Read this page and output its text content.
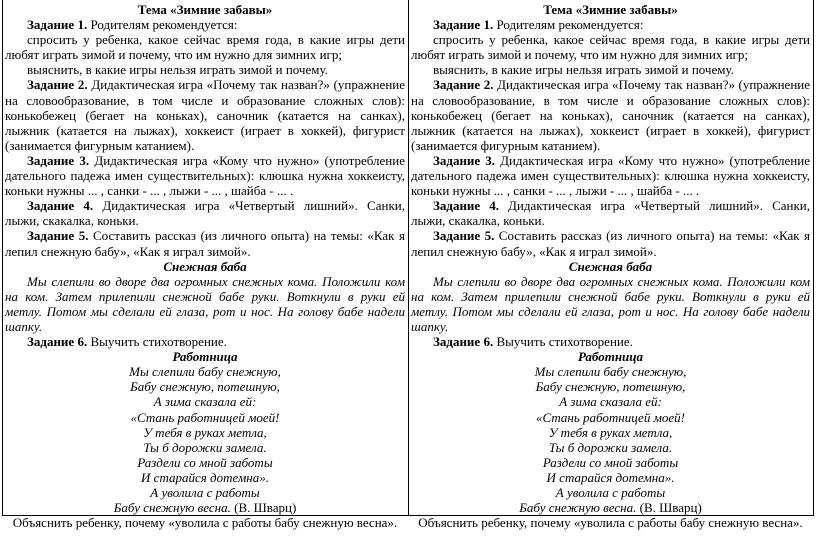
Тема «Зимние забавы»

Задание 1. Родителям рекомендуется:

спросить у ребенка, какое сейчас время года, в какие игры дети любят играть зимой и почему, что им нужно для зимних игр;

выяснить, в какие игры нельзя играть зимой и почему.

Задание 2. Дидактическая игра «Почему так назван?» (упражнение на словообразование, в том числе и образование сложных слов): конькобежец (бегает на коньках), саночник (катается на санках), лыжник (катается на лыжах), хоккеист (играет в хоккей), фигурист (занимается фигурным катанием).

Задание 3. Дидактическая игра «Кому что нужно» (употребление дательного падежа имен существительных): клюшка нужна хоккеисту, коньки нужны ... , санки - ... , лыжи - ... , шайба - ... .

Задание 4. Дидактическая игра «Четвертый лишний». Санки, лыжи, скакалка, коньки.

Задание 5. Составить рассказ (из личного опыта) на темы: «Как я лепил снежную бабу», «Как я играл зимой».

Снежная баба

Мы слепили во дворе два огромных снежных кома. Положили ком на ком. Затем прилепили снежной бабе руки. Воткнули в руки ей метлу. Потом мы сделали ей глаза, рот и нос. На голову бабе надели шапку.

Задание 6. Выучить стихотворение.

Работница

Мы слепили бабу снежную,

Бабу снежную, потешную,

А зима сказала ей:

«Стань работницей моей!

У тебя в руках метла,

Ты б дорожки замела.

Раздели со мной заботы

И старайся дотемна».

А уволила с работы

Бабу снежную весна. (В. Шварц)

Объяснить ребенку, почему «уволила с работы бабу снежную весна».

Тема «Зимние забавы»

Задание 1. Родителям рекомендуется:

спросить у ребенка, какое сейчас время года, в какие игры дети любят играть зимой и почему, что им нужно для зимних игр;

выяснить, в какие игры нельзя играть зимой и почему.

Задание 2. Дидактическая игра «Почему так назван?» (упражнение на словообразование, в том числе и образование сложных слов): конькобежец (бегает на коньках), саночник (катается на санках), лыжник (катается на лыжах), хоккеист (играет в хоккей), фигурист (занимается фигурным катанием).

Задание 3. Дидактическая игра «Кому что нужно» (употребление дательного падежа имен существительных): клюшка нужна хоккеисту, коньки нужны ... , санки - ... , лыжи - ... , шайба - ... .

Задание 4. Дидактическая игра «Четвертый лишний». Санки, лыжи, скакалка, коньки.

Задание 5. Составить рассказ (из личного опыта) на темы: «Как я лепил снежную бабу», «Как я играл зимой».

Снежная баба

Мы слепили во дворе два огромных снежных кома. Положили ком на ком. Затем прилепили снежной бабе руки. Воткнули в руки ей метлу. Потом мы сделали ей глаза, рот и нос. На голову бабе надели шапку.

Задание 6. Выучить стихотворение.

Работница

Мы слепили бабу снежную,

Бабу снежную, потешную,

А зима сказала ей:

«Стань работницей моей!

У тебя в руках метла,

Ты б дорожки замела.

Раздели со мной заботы

И старайся дотемна».

А уволила с работы

Бабу снежную весна. (В. Шварц)

Объяснить ребенку, почему «уволила с работы бабу снежную весна».
